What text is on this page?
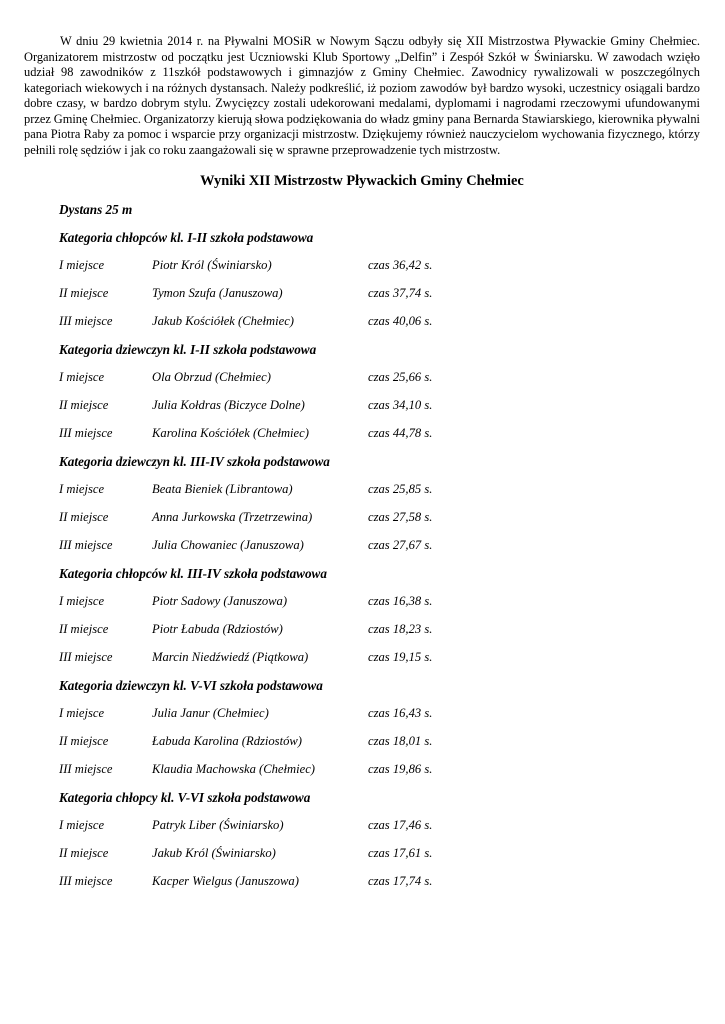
W dniu 29 kwietnia 2014 r. na Pływalni MOSiR w Nowym Sączu odbyły się XII Mistrzostwa Pływackie Gminy Chełmiec. Organizatorem mistrzostw od początku jest Uczniowski Klub Sportowy „Delfin” i Zespół Szkół w Świniarsku. W zawodach wzięło udział 98 zawodników z 11szkół podstawowych i gimnazjów z Gminy Chełmiec. Zawodnicy rywalizowali w poszczególnych kategoriach wiekowych i na różnych dystansach. Należy podkreślić, iż poziom zawodów był bardzo wysoki, uczestnicy osiągali bardzo dobre czasy, w bardzo dobrym stylu. Zwycięzcy zostali udekorowani medalami, dyplomami i nagrodami rzeczowymi ufundowanymi przez Gminę Chełmiec. Organizatorzy kierują słowa podziękowania do władz gminy pana Bernarda Stawiarskiego, kierownika pływalni pana Piotra Raby za pomoc i wsparcie przy organizacji mistrzostw. Dziękujemy również nauczycielom wychowania fizycznego, którzy pełnili rolę sędziów i jak co roku zaangażowali się w sprawne przeprowadzenie tych mistrzostw.

Wyniki XII Mistrzostw Pływackich Gminy Chełmiec
Dystans 25 m
Kategoria chłopców kl. I-II szkoła podstawowa
I miejsce	Piotr Król (Świniarsko)	czas 36,42 s.
II miejsce	Tymon Szufa (Januszowa)	czas 37,74 s.
III miejsce	Jakub Kościółek (Chełmiec)	czas 40,06 s.
Kategoria dziewczyn kl. I-II szkoła podstawowa
I miejsce	Ola Obrzud (Chełmiec)	czas 25,66 s.
II miejsce	Julia Kołdras (Biczyce Dolne)	czas 34,10 s.
III miejsce	Karolina Kościółek (Chełmiec)	czas 44,78 s.
Kategoria dziewczyn kl. III-IV szkoła podstawowa
I miejsce	Beata Bieniek (Librantowa)	czas 25,85 s.
II miejsce	Anna Jurkowska (Trzetrzewina)	czas 27,58 s.
III miejsce	Julia Chowaniec (Januszowa)	czas 27,67 s.
Kategoria chłopców kl. III-IV szkoła podstawowa
I miejsce	Piotr Sadowy (Januszowa)	czas 16,38 s.
II miejsce	Piotr Łabuda (Rdziostów)	czas 18,23 s.
III miejsce	Marcin Niedźwiedź (Piątkowa)	czas 19,15 s.
Kategoria dziewczyn kl. V-VI szkoła podstawowa
I miejsce	Julia Janur (Chełmiec)	czas 16,43 s.
II miejsce	Łabuda Karolina (Rdziostów)	czas 18,01 s.
III miejsce	Klaudia Machowska (Chełmiec)	czas 19,86 s.
Kategoria chłopcy kl. V-VI szkoła podstawowa
I miejsce	Patryk Liber (Świniarsko)	czas 17,46 s.
II miejsce	Jakub Król (Świniarsko)	czas 17,61 s.
III miejsce	Kacper Wielgus (Januszowa)	czas 17,74 s.
